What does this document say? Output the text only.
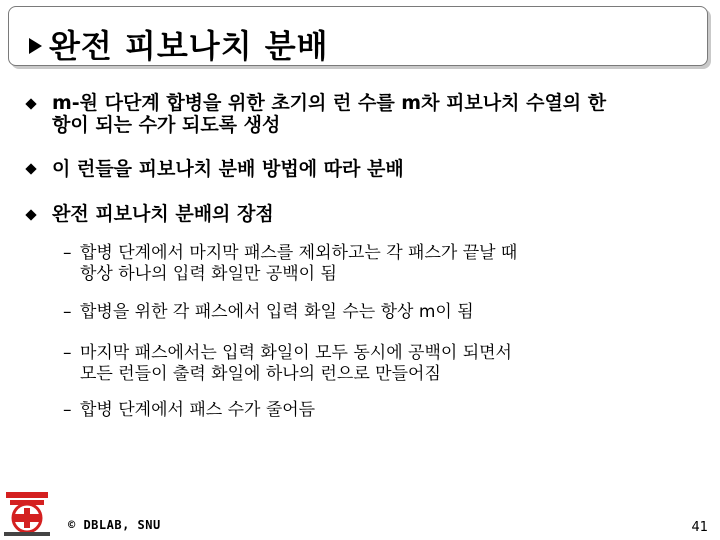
완전 피보나치 분배
m-원 다단계 합병을 위한 초기의 런 수를 m차 피보나치 수열의 한
항이 되는 수가 되도록 생성
이 런들을 피보나치 분배 방법에 따라 분배
완전 피보나치 분배의 장점
– 합병 단계에서 마지막 패스를 제외하고는 각 패스가 끝날 때
항상 하나의 입력 화일만 공백이 됨
– 합병을 위한 각 패스에서 입력 화일 수는 항상 m이 됨
– 마지막 패스에서는 입력 화일이 모두 동시에 공백이 되면서
모든 런들이 출력 화일에 하나의 런으로 만들어짐
– 합병 단계에서 패스 수가 줄어듬
© DBLAB, SNU	41
